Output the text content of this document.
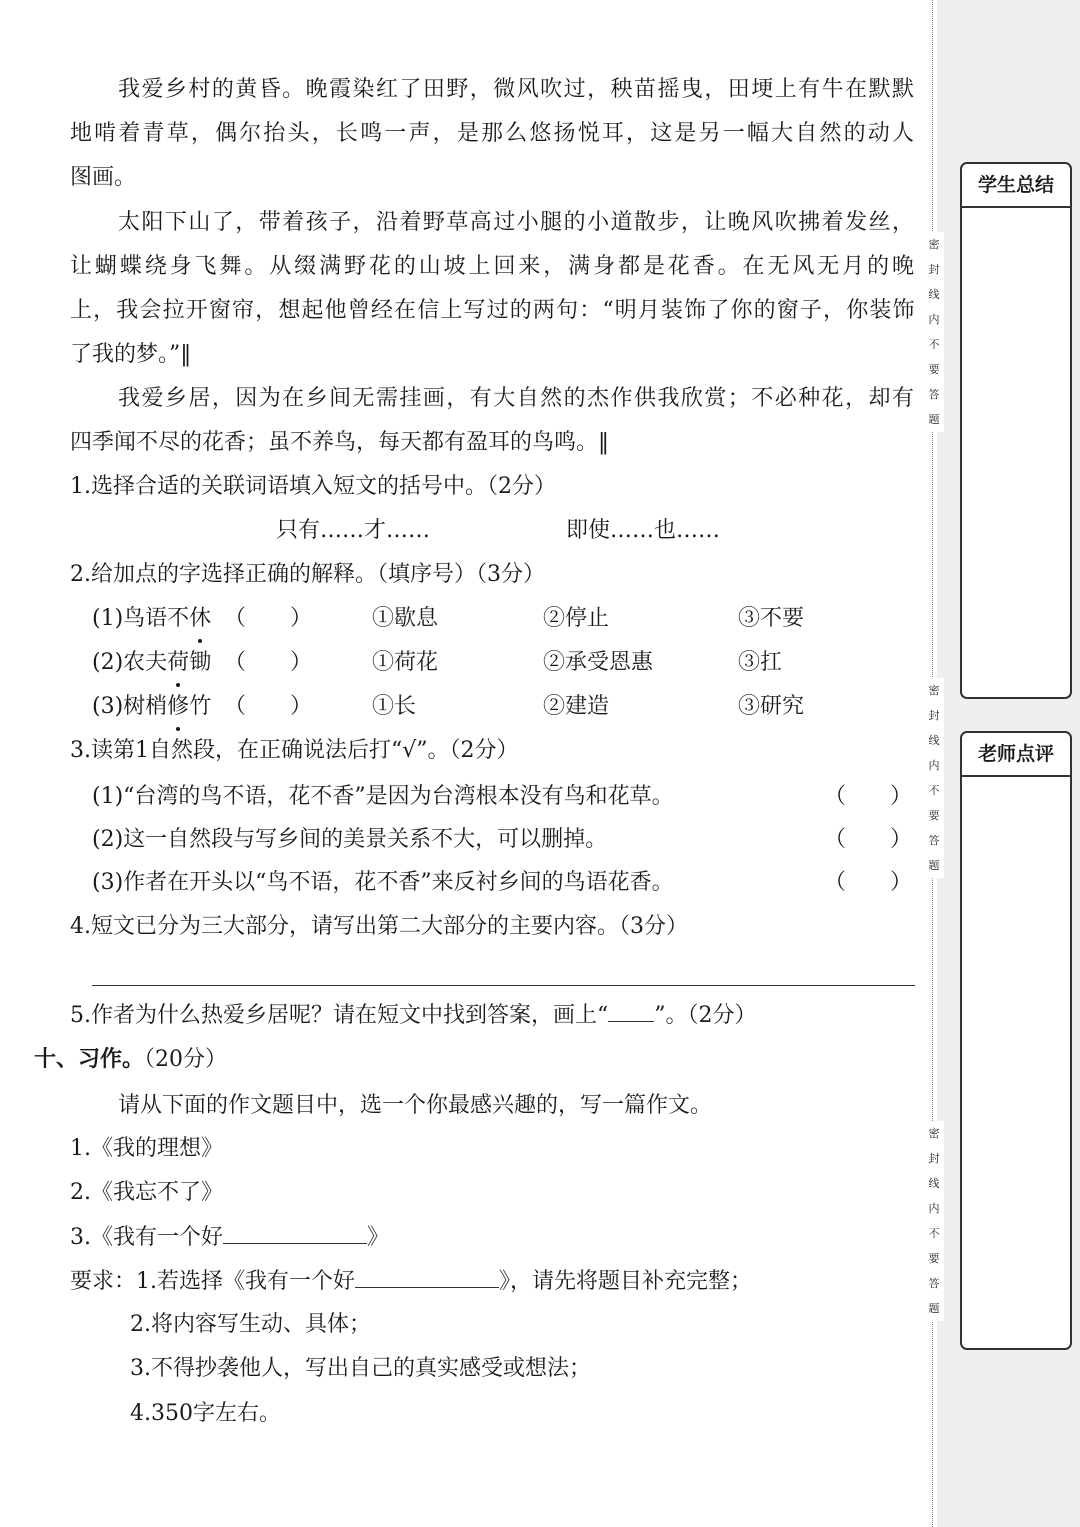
我爱乡村的黄昏。晚霞染红了田野，微风吹过，秧苗摇曳，田埂上有牛在默默
地啃着青草，偶尔抬头，长鸣一声，是那么悠扬悦耳，这是另一幅大自然的动人
图画。
太阳下山了，带着孩子，沿着野草高过小腿的小道散步，让晚风吹拂着发丝，
让蝴蝶绕身飞舞。从缀满野花的山坡上回来，满身都是花香。在无风无月的晚
上，我会拉开窗帘，想起他曾经在信上写过的两句：“明月装饰了你的窗子，你装饰
了我的梦。”‖
我爱乡居，因为在乡间无需挂画，有大自然的杰作供我欣赏；不必种花，却有
四季闻不尽的花香；虽不养鸟，每天都有盈耳的鸟鸣。‖
1.选择合适的关联词语填入短文的括号中。（2分）
只有……才……	即使……也……
2.给加点的字选择正确的解释。（填序号）（3分）
(1)鸟语不休 （　　）	①歇息	②停止	③不要
(2)农夫荷锄 （　　）	①荷花	②承受恩惠	③扛
(3)树梢修竹 （　　）	①长	②建造	③研究
3.读第1自然段，在正确说法后打“√”。（2分）
(1)“台湾的鸟不语，花不香”是因为台湾根本没有鸟和花草。	（　　）
(2)这一自然段与写乡间的美景关系不大，可以删掉。	（　　）
(3)作者在开头以“鸟不语，花不香”来反衬乡间的鸟语花香。	（　　）
4.短文已分为三大部分，请写出第二大部分的主要内容。（3分）
5.作者为什么热爱乡居呢？请在短文中找到答案，画上“ ”。（2分）
十、习作。（20分）
请从下面的作文题目中，选一个你最感兴趣的，写一篇作文。
1.《我的理想》
2.《我忘不了》
3.《我有一个好	》
要求：1.若选择《我有一个好	》，请先将题目补充完整；
2.将内容写生动、具体；
3.不得抄袭他人，写出自己的真实感受或想法；
4.350字左右。
学生总结
老师点评
密
封
线
内
不
要
答
题
密
封
线
内
不
要
答
题
密
封
线
内
不
要
答
题
